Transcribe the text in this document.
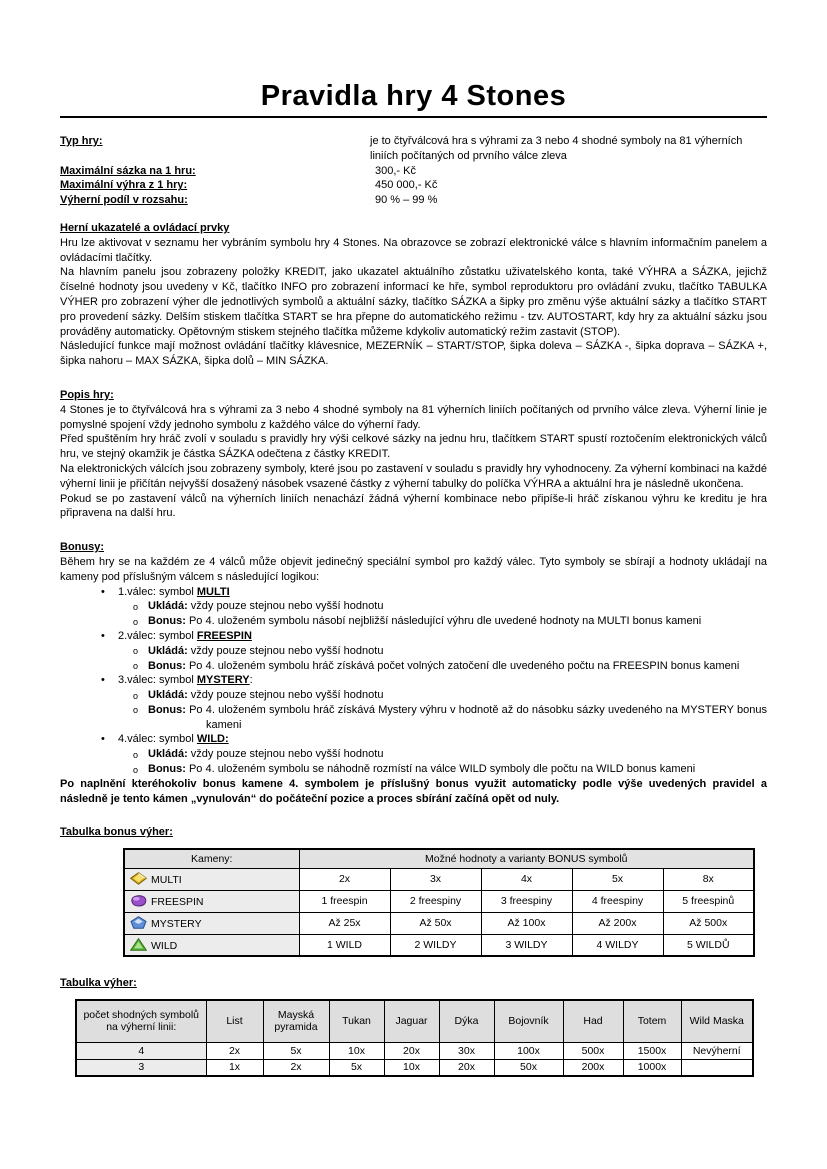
Pravidla hry 4 Stones
Typ hry:	je to čtyřválcová hra s výhrami za 3 nebo 4 shodné symboly na 81 výherních liniích počítaných od prvního válce zleva
Maximální sázka na 1 hru:	300,- Kč
Maximální výhra z 1 hry:	450 000,- Kč
Výherní podíl v rozsahu:	90 % – 99 %
Herní ukazatelé a ovládací prvky
Hru lze aktivovat v seznamu her vybráním symbolu hry 4 Stones. Na obrazovce se zobrazí elektronické válce s hlavním informačním panelem a ovládacími tlačítky.
Na hlavním panelu jsou zobrazeny položky KREDIT, jako ukazatel aktuálního zůstatku uživatelského konta, také VÝHRA a SÁZKA, jejichž číselné hodnoty jsou uvedeny v Kč, tlačítko INFO pro zobrazení informací ke hře, symbol reproduktoru pro ovládání zvuku, tlačítko TABULKA VÝHER pro zobrazení výher dle jednotlivých symbolů a aktuální sázky, tlačítko SÁZKA a šipky pro změnu výše aktuální sázky a tlačítko START pro provedení sázky. Delším stiskem tlačítka START se hra přepne do automatického režimu - tzv. AUTOSTART, kdy hry za aktuální sázku jsou prováděny automaticky. Opětovným stiskem stejného tlačítka můžeme kdykoliv automatický režim zastavit (STOP).
Následující funkce mají možnost ovládání tlačítky klávesnice, MEZERNÍK – START/STOP, šipka doleva – SÁZKA -, šipka doprava – SÁZKA +, šipka nahoru – MAX SÁZKA, šipka dolů – MIN SÁZKA.
Popis hry:
4 Stones je to čtyřválcová hra s výhrami za 3 nebo 4 shodné symboly na 81 výherních liniích počítaných od prvního válce zleva. Výherní linie je pomyslné spojení vždy jednoho symbolu z každého válce do výherní řady.
Před spuštěním hry hráč zvolí v souladu s pravidly hry výši celkové sázky na jednu hru, tlačítkem START spustí roztočením elektronických válců hru, ve stejný okamžik je částka SÁZKA odečtena z částky KREDIT.
Na elektronických válcích jsou zobrazeny symboly, které jsou po zastavení v souladu s pravidly hry vyhodnoceny. Za výherní kombinaci na každé výherní linii je přičítán nejvyšší dosažený násobek vsazené částky z výherní tabulky do políčka VÝHRA a aktuální hra je následně ukončena.
Pokud se po zastavení válců na výherních liniích nenachází žádná výherní kombinace nebo připíše-li hráč získanou výhru ke kreditu je hra připravena na další hru.
Bonusy:
Během hry se na každém ze 4 válců může objevit jedinečný speciální symbol pro každý válec. Tyto symboly se sbírají a hodnoty ukládají na kameny pod příslušným válcem s následující logikou:
• 1.válec: symbol MULTI
o Ukládá: vždy pouze stejnou nebo vyšší hodnotu
o Bonus: Po 4. uloženém symbolu násobí nejbližší následující výhru dle uvedené hodnoty na MULTI bonus kameni
• 2.válec: symbol FREESPIN
o Ukládá: vždy pouze stejnou nebo vyšší hodnotu
o Bonus: Po 4. uloženém symbolu hráč získává počet volných zatočení dle uvedeného počtu na FREESPIN bonus kameni
• 3.válec: symbol MYSTERY:
o Ukládá: vždy pouze stejnou nebo vyšší hodnotu
o Bonus: Po 4. uloženém symbolu hráč získává Mystery výhru v hodnotě až do násobku sázky uvedeného na MYSTERY bonus kameni
• 4.válec: symbol WILD:
o Ukládá: vždy pouze stejnou nebo vyšší hodnotu
o Bonus: Po 4. uloženém symbolu se náhodně rozmístí na válce WILD symboly dle počtu na WILD bonus kameni
Po naplnění kteréhokoliv bonus kamene 4. symbolem je příslušný bonus využit automaticky podle výše uvedených pravidel a následně je tento kámen „vynulován“ do počáteční pozice a proces sbírání začíná opět od nuly.
Tabulka bonus výher:
Kameny:	Možné hodnoty a varianty BONUS symbolů				
MULTI	2x	3x	4x	5x	8x
FREESPIN	1 freespin	2 freespiny	3 freespiny	4 freespiny	5 freespinů
MYSTERY	Až 25x	Až 50x	Až 100x	Až 200x	Až 500x
WILD	1 WILD	2 WILDY	3 WILDY	4 WILDY	5 WILDŮ
Tabulka výher:
počet shodných symbolů na výherní linii:	List	Mayská pyramida	Tukan	Jaguar	Dýka	Bojovník	Had	Totem	Wild Maska
4	2x	5x	10x	20x	30x	100x	500x	1500x	Nevýherní
3	1x	2x	5x	10x	20x	50x	200x	1000x	
